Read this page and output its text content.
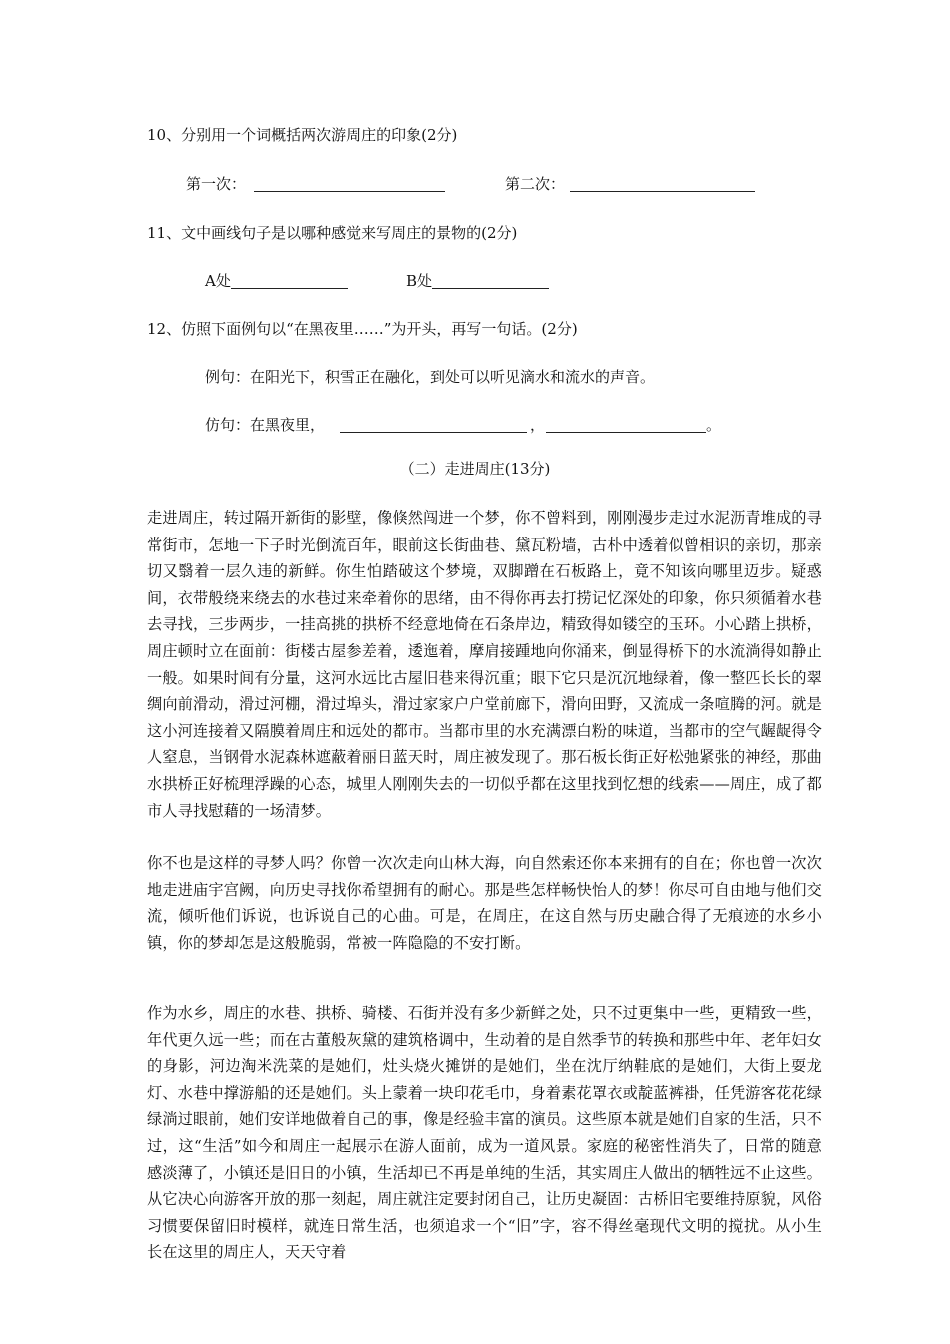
10、分别用一个词概括两次游周庄的印象(2分)
第一次：	第二次：
11、文中画线句子是以哪种感觉来写周庄的景物的(2分)
A处	B处
12、仿照下面例句以“在黑夜里……”为开头，再写一句话。(2分)
例句：在阳光下，积雪正在融化，到处可以听见滴水和流水的声音。
仿句：在黑夜里，	，	。
（二）走进周庄(13分)
走进周庄，转过隔开新街的影壁，像倏然闯进一个梦，你不曾料到，刚刚漫步走过水泥沥青堆成的寻常街市，怎地一下子时光倒流百年，眼前这长街曲巷、黛瓦粉墙，古朴中透着似曾相识的亲切，那亲切又翳着一层久违的新鲜。你生怕踏破这个梦境，双脚蹭在石板路上，竟不知该向哪里迈步。疑惑间，衣带般绕来绕去的水巷过来牵着你的思绪，由不得你再去打捞记忆深处的印象，你只须循着水巷去寻找，三步两步，一挂高挑的拱桥不经意地倚在石条岸边，精致得如镂空的玉环。小心踏上拱桥，周庄顿时立在面前：街楼古屋参差着，逶迤着，摩肩接踵地向你涌来，倒显得桥下的水流淌得如静止一般。如果时间有分量，这河水远比古屋旧巷来得沉重；眼下它只是沉沉地绿着，像一整匹长长的翠绸向前滑动，滑过河棚，滑过埠头，滑过家家户户堂前廊下，滑向田野，又流成一条喧腾的河。就是这小河连接着又隔膜着周庄和远处的都市。当都市里的水充满漂白粉的味道，当都市的空气龌龊得令人窒息，当钢骨水泥森林遮蔽着丽日蓝天时，周庄被发现了。那石板长街正好松弛紧张的神经，那曲水拱桥正好梳理浮躁的心态，城里人刚刚失去的一切似乎都在这里找到忆想的线索——周庄，成了都市人寻找慰藉的一场清梦。
你不也是这样的寻梦人吗？你曾一次次走向山林大海，向自然索还你本来拥有的自在；你也曾一次次地走进庙宇宫阙，向历史寻找你希望拥有的耐心。那是些怎样畅快怡人的梦！你尽可自由地与他们交流，倾听他们诉说，也诉说自己的心曲。可是，在周庄，在这自然与历史融合得了无痕迹的水乡小镇，你的梦却怎是这般脆弱，常被一阵隐隐的不安打断。
作为水乡，周庄的水巷、拱桥、骑楼、石街并没有多少新鲜之处，只不过更集中一些，更精致一些，年代更久远一些；而在古董般灰黛的建筑格调中，生动着的是自然季节的转换和那些中年、老年妇女的身影，河边淘米洗菜的是她们，灶头烧火摊饼的是她们，坐在沈厅纳鞋底的是她们，大街上耍龙灯、水巷中撑游船的还是她们。头上蒙着一块印花毛巾，身着素花罩衣或靛蓝裤褂，任凭游客花花绿绿淌过眼前，她们安详地做着自己的事，像是经验丰富的演员。这些原本就是她们自家的生活，只不过，这“生活”如今和周庄一起展示在游人面前，成为一道风景。家庭的秘密性消失了，日常的随意感淡薄了，小镇还是旧日的小镇，生活却已不再是单纯的生活，其实周庄人做出的牺牲远不止这些。从它决心向游客开放的那一刻起，周庄就注定要封闭自己，让历史凝固：古桥旧宅要维持原貌，风俗习惯要保留旧时模样，就连日常生活，也须追求一个“旧”字，容不得丝毫现代文明的搅扰。从小生长在这里的周庄人，天天守着
